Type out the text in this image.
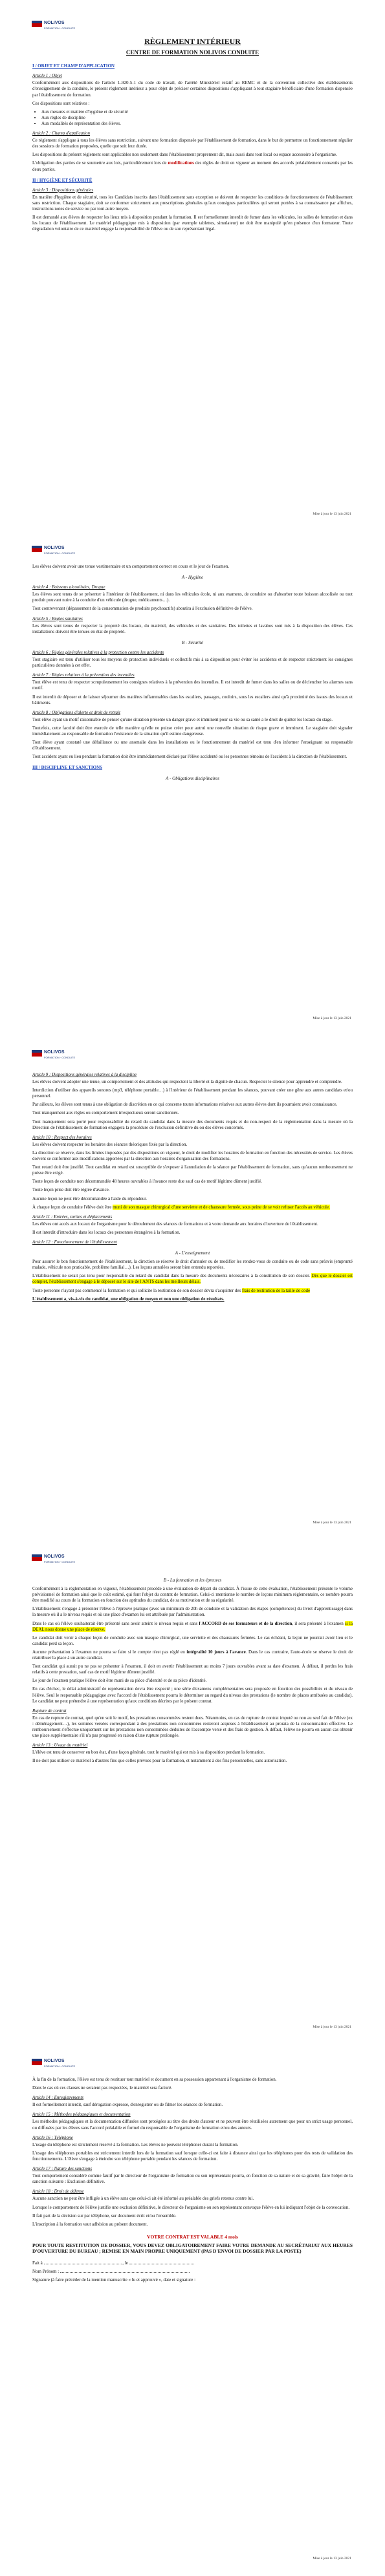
NOLIVOS
FORMATION · CONDUITE
RÈGLEMENT INTÉRIEUR
CENTRE DE FORMATION NOLIVOS CONDUITE
I / OBJET ET CHAMP D'APPLICATION
Article 1 : Objet

Conformément aux dispositions de l'article L.920-5-1 du code de travail, de l'arrêté Ministériel relatif au REMC et de la convention collective des établissements d'enseignement de la conduite, le présent règlement intérieur a pour objet de préciser certaines dispositions s'appliquant à tout stagiaire bénéficiaire d'une formation dispensée par l'établissement de formation.

Ces dispositions sont relatives :

• Aux mesures et matière d'hygiène et de sécurité
• Aux règles de discipline
• Aux modalités de représentation des élèves.
Article 2 : Champ d'application

Ce règlement s'applique à tous les élèves sans restriction, suivant une formation dispensée par l'établissement de formation, dans le but de permettre un fonctionnement régulier des sessions de formation proposées, quelle que soit leur durée.

Les dispositions du présent règlement sont applicables non seulement dans l'établissement proprement dit, mais aussi dans tout local ou espace accessoire à l'organisme.

L'obligation des parties de se soumettre aux lois, particulièrement lors de modifications des règles de droit en vigueur au moment des accords préalablement consentis par les deux parties.

II / HYGIÈNE ET SÉCURITÉ
Article 3 : Dispositions générales

En matière d'hygiène et de sécurité, tous les Candidats inscrits dans l'établissement sans exception se doivent de respecter les conditions de fonctionnement de l'établissement sans restriction. Chaque stagiaire, doit se conformer strictement aux prescriptions générales qu'aux consignes particulières qui seront portées à sa connaissance par affiches, instructions notes de service ou par tout autre moyen.

Il est demandé aux élèves de respecter les lieux mis à disposition pendant la formation. Il est formellement interdit de fumer dans les véhicules, les salles de formation et dans les locaux de l'établissement. Le matériel pédagogique mis à disposition (par exemple tablettes, simulateur) ne doit être manipulé qu'en présence d'un formateur. Toute dégradation volontaire de ce matériel engage la responsabilité de l'élève ou de son représentant légal.

Mise à jour le 13 juin 2021
NOLIVOS
FORMATION · CONDUITE

Les élèves doivent avoir une tenue vestimentaire et un comportement correct en cours et le jour de l'examen.

A - Hygiène
Article 4 : Boissons alcoolisées, Drogue

Les élèves sont tenus de se présenter à l'intérieur de l'établissement, ni dans les véhicules école, ni aux examens, de conduire ou d'absorber toute boisson alcoolisée ou tout produit pouvant nuire à la conduite d'un véhicule (drogue, médicaments…).

Tout contrevenant (dépassement de la consommation de produits psychoactifs) aboutira à l'exclusion définitive de l'élève.

Article 5 : Règles sanitaires

Les élèves sont tenus de respecter la propreté des locaux, du matériel, des véhicules et des sanitaires. Des toilettes et lavabos sont mis à la disposition des élèves. Ces installations doivent être tenues en état de propreté.

B - Sécurité
Article 6 : Règles générales relatives à la protection contre les accidents

Tout stagiaire est tenu d'utiliser tous les moyens de protection individuels et collectifs mis à sa disposition pour éviter les accidents et de respecter strictement les consignes particulières données à cet effet.

Article 7 : Règles relatives à la prévention des incendies

Tout élève est tenu de respecter scrupuleusement les consignes relatives à la prévention des incendies. Il est interdit de fumer dans les salles ou de déclencher les alarmes sans motif.

Il est interdit de déposer et de laisser séjourner des matières inflammables dans les escaliers, passages, couloirs, sous les escaliers ainsi qu'à proximité des issues des locaux et bâtiments.

Article 8 : Obligations d'alerte et droit de retrait

Tout élève ayant un motif raisonnable de penser qu'une situation présente un danger grave et imminent pour sa vie ou sa santé a le droit de quitter les locaux du stage.

Toutefois, cette faculté doit être exercée de telle manière qu'elle ne puisse créer pour autrui une nouvelle situation de risque grave et imminent. Le stagiaire doit signaler immédiatement au responsable de formation l'existence de la situation qu'il estime dangereuse.

Tout élève ayant constaté une défaillance ou une anomalie dans les installations ou le fonctionnement du matériel est tenu d'en informer l'enseignant ou responsable d'établissement.

Tout accident ayant eu lieu pendant la formation doit être immédiatement déclaré par l'élève accidenté ou les personnes témoins de l'accident à la direction de l'établissement.

III / DISCIPLINE ET SANCTIONS
A - Obligations disciplinaires
Mise à jour le 13 juin 2021
NOLIVOS
FORMATION · CONDUITE
Article 9 : Dispositions générales relatives à la discipline

Les élèves doivent adopter une tenue, un comportement et des attitudes qui respectent la liberté et la dignité de chacun. Respecter le silence pour apprendre et comprendre.

Interdiction d'utiliser des appareils sonores (mp3, téléphone portable…) à l'intérieur de l'établissement pendant les séances, pouvant créer une gêne aux autres candidats et/ou personnel.

Par ailleurs, les élèves sont tenus à une obligation de discrétion en ce qui concerne toutes informations relatives aux autres élèves dont ils pourraient avoir connaissance.

Tout manquement aux règles ou comportement irrespectueux seront sanctionnés.

Tout manquement sera porté pour responsabilité du retard du candidat dans la mesure des documents requis et du non-respect de la réglementation dans la mesure où la Direction de l'établissement de formation engagera la procédure de l'exclusion définitive du ou des élèves concernés.

Article 10 : Respect des horaires

Les élèves doivent respecter les horaires des séances théoriques fixés par la direction.

La direction se réserve, dans les limites imposées par des dispositions en vigueur, le droit de modifier les horaires de formation en fonction des nécessités de service. Les élèves doivent se conformer aux modifications apportées par la direction aux horaires d'organisation des formations.

Tout retard doit être justifié. Tout candidat en retard est susceptible de s'exposer à l'annulation de la séance par l'établissement de formation, sans qu'aucun remboursement ne puisse être exigé.

Toute leçon de conduite non décommandée 48 heures ouvrables à l'avance reste due sauf cas de motif légitime dûment justifié.

Toute leçon prise doit être réglée d'avance.

Aucune leçon ne peut être décommandée à l'aide du répondeur.

À chaque leçon de conduite l'élève doit être muni de son masque chirurgical d'une serviette et de chaussure fermée, sous peine de se voir refuser l'accès au véhicule.

Article 11 : Entrées, sorties et déplacements

Les élèves ont accès aux locaux de l'organisme pour le déroulement des séances de formations et à votre demande aux horaires d'ouverture de l'établissement.

Il est interdit d'introduire dans les locaux des personnes étrangères à la formation.

Article 12 : Fonctionnement de l'établissement
A - L'enseignement

Pour assurer le bon fonctionnement de l'établissement, la direction se réserve le droit d'annuler ou de modifier les rendez-vous de conduite ou de code sans préavis (emprunté malade, véhicule non praticable, problème familial…). Les leçons annulées seront bien entendu reportées.

L'établissement ne serait pas tenu pour responsable du retard du candidat dans la mesure des documents nécessaires à la constitution de son dossier. Dès que le dossier est complet, l'établissement s'engage à le déposer sur le site de l'ANTS dans les meilleurs délais.

Toute personne n'ayant pas commencé la formation et qui sollicite la restitution de son dossier devra s'acquitter des frais de restitution de la taille de code

L'établissement a, vis-à-vis du candidat, une obligation de moyen et non une obligation de résultats.

Mise à jour le 13 juin 2021
NOLIVOS
FORMATION · CONDUITE
B - La formation et les épreuves

Conformément à la réglementation en vigueur, l'établissement procède à une évaluation de départ du candidat. À l'issue de cette évaluation, l'établissement présente le volume prévisionnel de formation ainsi que le coût estimé, qui font l'objet du contrat de formation. Celui-ci mentionne le nombre de leçons minimum réglementaire, ce nombre pourra être modifié au cours de la formation en fonction des aptitudes du candidat, de sa motivation et de sa régularité.

L'établissement s'engage à présenter l'élève à l'épreuve pratique (avec un minimum de 20h de conduite et la validation des étapes (compétences) du livret d'apprentissage) dans la mesure où il a le niveau requis et où une place d'examen lui est attribuée par l'administration.

Dans le cas où l'élève souhaiterait être présenté sans avoir atteint le niveau requis et sans l'ACCORD de ses formateurs et de la direction, il sera présenté à l'examen si la DEAL nous donne une place de réserve.

Le candidat doit venir à chaque leçon de conduite avec son masque chirurgical, une serviette et des chaussures fermées. Le cas échéant, la leçon ne pourrait avoir lieu et le candidat perd sa leçon.

Aucune présentation à l'examen ne pourra se faire si le compte n'est pas réglé en intégralité 10 jours à l'avance. Dans le cas contraire, l'auto-école se réserve le droit de réattribuer la place à un autre candidat.

Tout candidat qui aurait pu ne pas se présenter à l'examen, il doit en avertir l'établissement au moins 7 jours ouvrables avant sa date d'examen. À défaut, il perdra les frais relatifs à cette prestation, sauf cas de motif légitime dûment justifié.

Le jour de l'examen pratique l'élève doit être muni de sa pièce d'identité et de sa pièce d'identité.

En cas d'échec, le délai administratif de représentation devra être respecté ; une série d'examens complémentaires sera proposée en fonction des possibilités et du niveau de l'élève. Seul le responsable pédagogique avec l'accord de l'établissement pourra le déterminer au regard du niveau des prestations (le nombre de places attribuées au candidat). Le candidat ne peut prétendre à une représentation qu'aux conditions décrites par le présent contrat.

Rupture de contrat

En cas de rupture de contrat, quel qu'en soit le motif, les prestations consommées restent dues. Néanmoins, en cas de rupture de contrat imputé ou non au seul fait de l'élève (ex : déménagement…), les sommes versées correspondant à des prestations non consommées resteront acquises à l'établissement au prorata de la consommation effective. Le remboursement s'effectue uniquement sur les prestations non consommées déduites de l'accompte versé et des frais de gestion. À défaut, l'élève ne pourra en aucun cas obtenir une place supplémentaire s'il n'a pas progressé en raison d'une rupture prolongée.

Article 13 : Usage du matériel

L'élève est tenu de conserver en bon état, d'une façon générale, tout le matériel qui est mis à sa disposition pendant la formation.

Il ne doit pas utiliser ce matériel à d'autres fins que celles prévues pour la formation, et notamment à des fins personnelles, sans autorisation.

Mise à jour le 13 juin 2021
NOLIVOS
FORMATION · CONDUITE

À la fin de la formation, l'élève est tenu de restituer tout matériel et document en sa possession appartenant à l'organisme de formation.

Dans le cas où ces clauses ne seraient pas respectées, le matériel sera facturé.

Article 14 : Enregistrements

Il est formellement interdit, sauf dérogation expresse, d'enregistrer ou de filmer les séances de formation.

Article 15 : Méthodes pédagogiques et documentation

Les méthodes pédagogiques et la documentation diffusées sont protégées au titre des droits d'auteur et ne peuvent être réutilisées autrement que pour un strict usage personnel, ou diffusées par les élèves sans l'accord préalable et formel du responsable de l'organisme de formation et/ou des auteurs.

Article 16 : Téléphone

L'usage du téléphone est strictement réservé à la formation. Les élèves ne peuvent téléphoner durant la formation.

L'usage des téléphones portables est strictement interdit lors de la formation sauf lorsque celle-ci est faite à distance ainsi que les téléphones pour des tests de validation des fonctionnements. L'élève s'engage à éteindre son téléphone portable pendant les séances de formation.

Article 17 : Nature des sanctions

Tout comportement considéré comme fautif par le directeur de l'organisme de formation ou son représentant pourra, en fonction de sa nature et de sa gravité, faire l'objet de la sanction suivante : Exclusion définitive.

Article 18 : Droit de défense

Aucune sanction ne peut être infligée à un élève sans que celui-ci ait été informé au préalable des griefs retenus contre lui.

Lorsque le comportement de l'élève justifie une exclusion définitive, le directeur de l'organisme ou son représentant convoque l'élève en lui indiquant l'objet de la convocation.

Il fait part de la décision sur par téléphone, sur document écrit et/ou l'ensemble.

L'inscription à la formation vaut adhésion au présent document.

VOTRE CONTRAT EST VALABLE 4 mois

POUR TOUTE RESTITUTION DE DOSSIER, VOUS DEVEZ OBLIGATOIREMENT FAIRE VOTRE DEMANDE AU SECRÉTARIAT AUX HEURES D'OUVERTURE DU BUREAU ; REMISE EN MAIN PROPRE UNIQUEMENT (PAS D'ENVOI DE DOSSIER PAR LA POSTE)

Fait à	, le

Nom Prénom :

Signature (à faire précéder de la mention manuscrite « lu et approuvé », date et signature :

Mise à jour le 13 juin 2021
